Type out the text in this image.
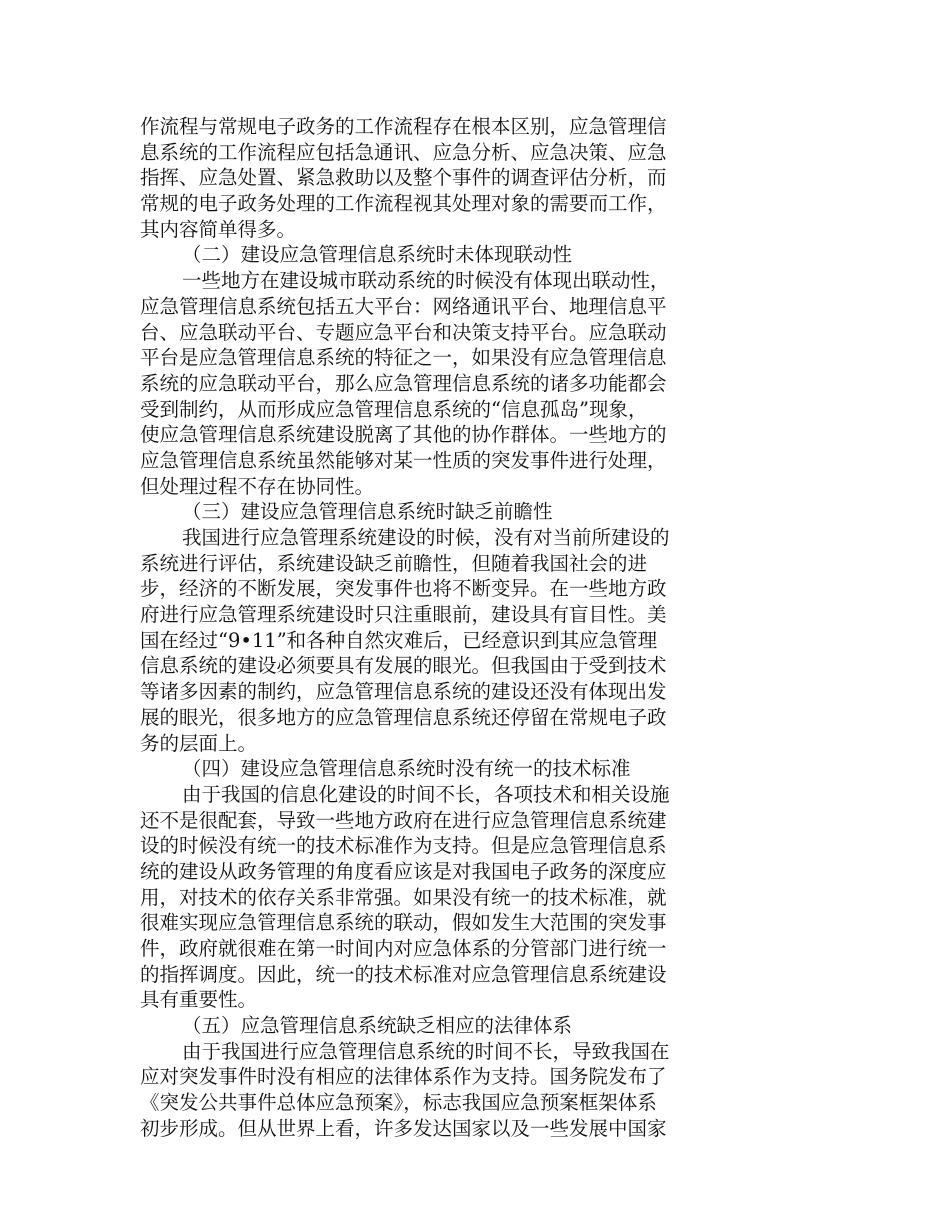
作流程与常规电子政务的工作流程存在根本区别，应急管理信
息系统的工作流程应包括急通讯、应急分析、应急决策、应急
指挥、应急处置、紧急救助以及整个事件的调查评估分析，而
常规的电子政务处理的工作流程视其处理对象的需要而工作，
其内容简单得多。
（二）建设应急管理信息系统时未体现联动性
一些地方在建设城市联动系统的时候没有体现出联动性，
应急管理信息系统包括五大平台：网络通讯平台、地理信息平
台、应急联动平台、专题应急平台和决策支持平台。应急联动
平台是应急管理信息系统的特征之一，如果没有应急管理信息
系统的应急联动平台，那么应急管理信息系统的诸多功能都会
受到制约，从而形成应急管理信息系统的“信息孤岛”现象，
使应急管理信息系统建设脱离了其他的协作群体。一些地方的
应急管理信息系统虽然能够对某一性质的突发事件进行处理，
但处理过程不存在协同性。
（三）建设应急管理信息系统时缺乏前瞻性
我国进行应急管理系统建设的时候，没有对当前所建设的
系统进行评估，系统建设缺乏前瞻性，但随着我国社会的进
步，经济的不断发展，突发事件也将不断变异。在一些地方政
府进行应急管理系统建设时只注重眼前，建设具有盲目性。美
国在经过“9•11”和各种自然灾难后，已经意识到其应急管理
信息系统的建设必须要具有发展的眼光。但我国由于受到技术
等诸多因素的制约，应急管理信息系统的建设还没有体现出发
展的眼光，很多地方的应急管理信息系统还停留在常规电子政
务的层面上。
（四）建设应急管理信息系统时没有统一的技术标准
由于我国的信息化建设的时间不长，各项技术和相关设施
还不是很配套，导致一些地方政府在进行应急管理信息系统建
设的时候没有统一的技术标准作为支持。但是应急管理信息系
统的建设从政务管理的角度看应该是对我国电子政务的深度应
用，对技术的依存关系非常强。如果没有统一的技术标准，就
很难实现应急管理信息系统的联动，假如发生大范围的突发事
件，政府就很难在第一时间内对应急体系的分管部门进行统一
的指挥调度。因此，统一的技术标准对应急管理信息系统建设
具有重要性。
（五）应急管理信息系统缺乏相应的法律体系
由于我国进行应急管理信息系统的时间不长，导致我国在
应对突发事件时没有相应的法律体系作为支持。国务院发布了
《突发公共事件总体应急预案》，标志我国应急预案框架体系
初步形成。但从世界上看，许多发达国家以及一些发展中国家
